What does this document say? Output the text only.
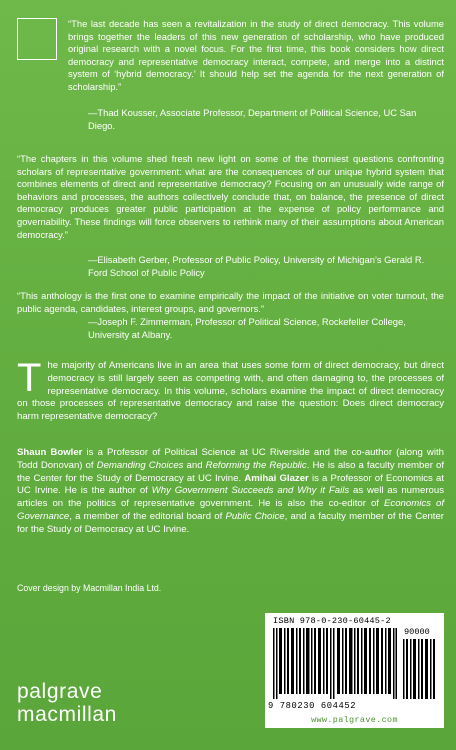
“The last decade has seen a revitalization in the study of direct democracy. This volume brings together the leaders of this new generation of scholarship, who have produced original research with a novel focus. For the first time, this book considers how direct democracy and representative democracy interact, compete, and merge into a distinct system of ‘hybrid democracy.’ It should help set the agenda for the next generation of scholarship.”

—Thad Kousser, Associate Professor, Department of Political Science, UC San Diego.

“The chapters in this volume shed fresh new light on some of the thorniest questions confronting scholars of representative government: what are the consequences of our unique hybrid system that combines elements of direct and representative democracy? Focusing on an unusually wide range of behaviors and processes, the authors collectively conclude that, on balance, the presence of direct democracy produces greater public participation at the expense of policy performance and governability. These findings will force observers to rethink many of their assumptions about American democracy.”

—Elisabeth Gerber, Professor of Public Policy, University of Michigan’s Gerald R. Ford School of Public Policy

“This anthology is the first one to examine empirically the impact of the initiative on voter turnout, the public agenda, candidates, interest groups, and governors.”

—Joseph F. Zimmerman, Professor of Political Science, Rockefeller College, University at Albany.

The majority of Americans live in an area that uses some form of direct democracy, but direct democracy is still largely seen as competing with, and often damaging to, the processes of representative democracy. In this volume, scholars examine the impact of direct democracy on those processes of representative democracy and raise the question: Does direct democracy harm representative democracy?

Shaun Bowler is a Professor of Political Science at UC Riverside and the co-author (along with Todd Donovan) of Demanding Choices and Reforming the Republic. He is also a faculty member of the Center for the Study of Democracy at UC Irvine. Amihai Glazer is a Professor of Economics at UC Irvine. He is the author of Why Government Succeeds and Why it Fails as well as numerous articles on the politics of representative government. He is also the co-editor of Economics of Governance, a member of the editorial board of Public Choice, and a faculty member of the Center for the Study of Democracy at UC Irvine.

Cover design by Macmillan India Ltd.

ISBN 978-0-230-60445-2

90000

9 780230 604452

www.palgrave.com

palgrave

macmillan
